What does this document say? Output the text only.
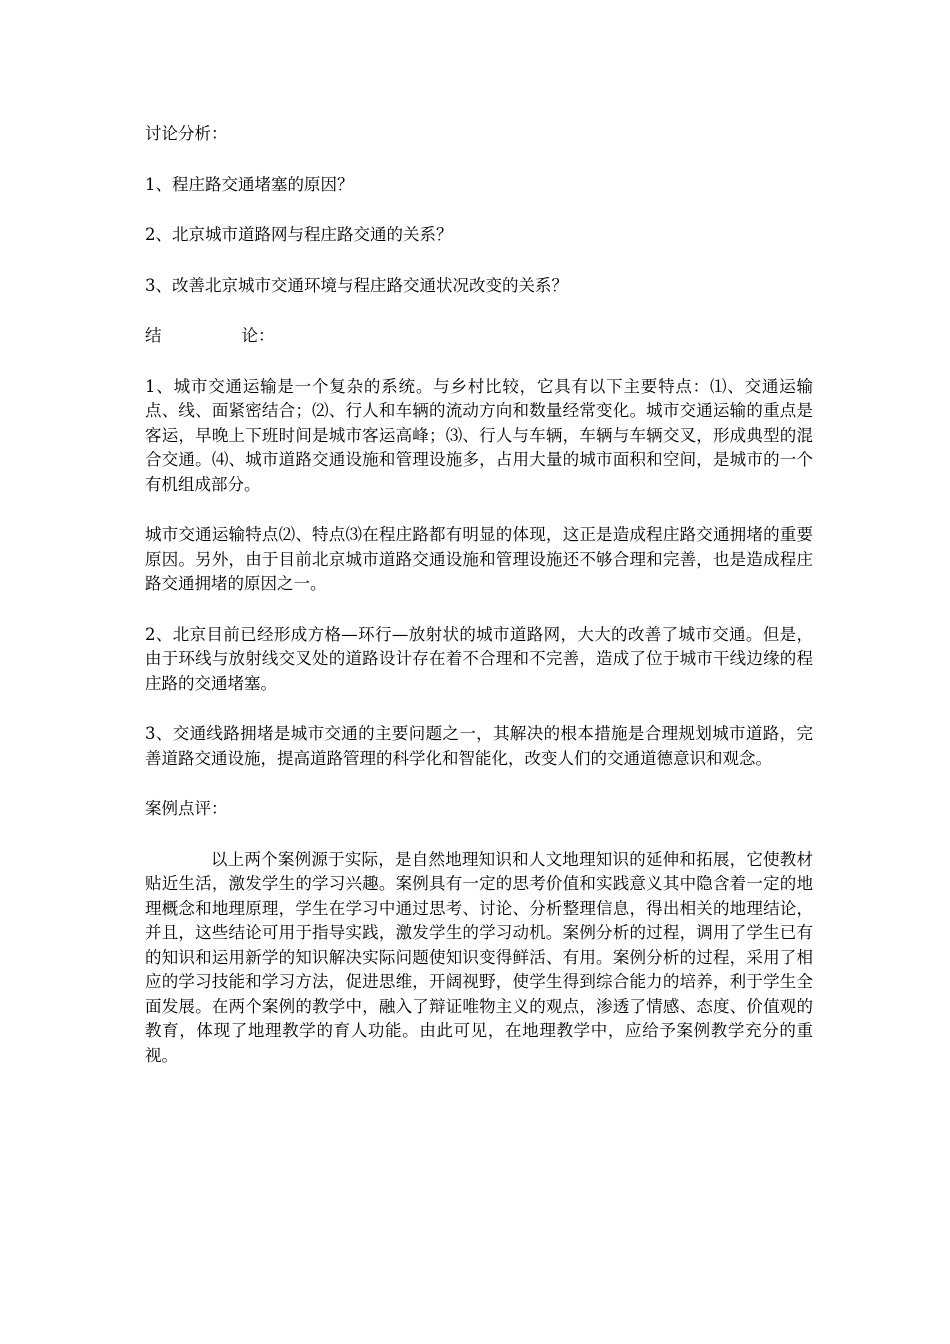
讨论分析：

1、程庄路交通堵塞的原因？

2、北京城市道路网与程庄路交通的关系？

3、改善北京城市交通环境与程庄路交通状况改变的关系？

结	论：

1、城市交通运输是一个复杂的系统。与乡村比较，它具有以下主要特点：⑴、交通运输点、线、面紧密结合；⑵、行人和车辆的流动方向和数量经常变化。城市交通运输的重点是客运，早晚上下班时间是城市客运高峰；⑶、行人与车辆，车辆与车辆交叉，形成典型的混合交通。⑷、城市道路交通设施和管理设施多，占用大量的城市面积和空间，是城市的一个有机组成部分。

城市交通运输特点⑵、特点⑶在程庄路都有明显的体现，这正是造成程庄路交通拥堵的重要原因。另外，由于目前北京城市道路交通设施和管理设施还不够合理和完善，也是造成程庄路交通拥堵的原因之一。

2、北京目前已经形成方格—环行—放射状的城市道路网，大大的改善了城市交通。但是，由于环线与放射线交叉处的道路设计存在着不合理和不完善，造成了位于城市干线边缘的程庄路的交通堵塞。

3、交通线路拥堵是城市交通的主要问题之一，其解决的根本措施是合理规划城市道路，完善道路交通设施，提高道路管理的科学化和智能化，改变人们的交通道德意识和观念。

案例点评：

以上两个案例源于实际，是自然地理知识和人文地理知识的延伸和拓展，它使教材贴近生活，激发学生的学习兴趣。案例具有一定的思考价值和实践意义其中隐含着一定的地理概念和地理原理，学生在学习中通过思考、讨论、分析整理信息，得出相关的地理结论，并且，这些结论可用于指导实践，激发学生的学习动机。案例分析的过程，调用了学生已有的知识和运用新学的知识解决实际问题使知识变得鲜活、有用。案例分析的过程，采用了相应的学习技能和学习方法，促进思维，开阔视野，使学生得到综合能力的培养，利于学生全面发展。在两个案例的教学中，融入了辩证唯物主义的观点，渗透了情感、态度、价值观的教育，体现了地理教学的育人功能。由此可见，在地理教学中，应给予案例教学充分的重视。
